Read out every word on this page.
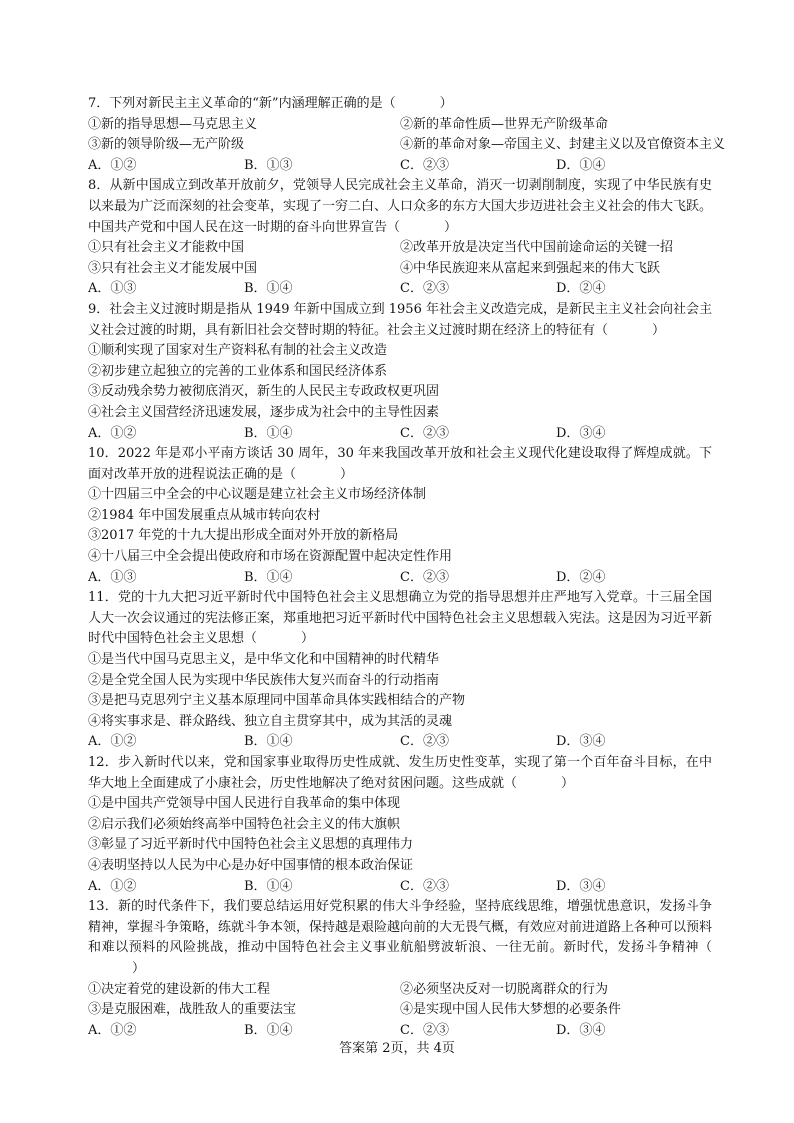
7．下列对新民主主义革命的“新”内涵理解正确的是（	）
①新的指导思想—马克思主义	②新的革命性质—世界无产阶级革命
③新的领导阶级—无产阶级	④新的革命对象—帝国主义、封建主义以及官僚资本主义
A．①②	B．①③	C．②③	D．①④
8．从新中国成立到改革开放前夕，党领导人民完成社会主义革命，消灭一切剥削制度，实现了中华民族有史以来最为广泛而深刻的社会变革，实现了一穷二白、人口众多的东方大国大步迈进社会主义社会的伟大飞跃。中国共产党和中国人民在这一时期的奋斗向世界宣告（	）
①只有社会主义才能救中国	②改革开放是决定当代中国前途命运的关键一招
③只有社会主义才能发展中国	④中华民族迎来从富起来到强起来的伟大飞跃
A．①③	B．①④	C．②③	D．②④
9．社会主义过渡时期是指从 1949 年新中国成立到 1956 年社会主义改造完成，是新民主主义社会向社会主义社会过渡的时期，具有新旧社会交替时期的特征。社会主义过渡时期在经济上的特征有（	）
①顺利实现了国家对生产资料私有制的社会主义改造
②初步建立起独立的完善的工业体系和国民经济体系
③反动残余势力被彻底消灭，新生的人民民主专政政权更巩固
④社会主义国营经济迅速发展，逐步成为社会中的主导性因素
A．①②	B．①④	C．②③	D．③④
10．2022 年是邓小平南方谈话 30 周年，30 年来我国改革开放和社会主义现代化建设取得了辉煌成就。下面对改革开放的进程说法正确的是（	）
①十四届三中全会的中心议题是建立社会主义市场经济体制
②1984 年中国发展重点从城市转向农村
③2017 年党的十九大提出形成全面对外开放的新格局
④十八届三中全会提出使政府和市场在资源配置中起决定性作用
A．①③	B．①④	C．②③	D．②④
11．党的十九大把习近平新时代中国特色社会主义思想确立为党的指导思想并庄严地写入党章。十三届全国人大一次会议通过的宪法修正案，郑重地把习近平新时代中国特色社会主义思想载入宪法。这是因为习近平新时代中国特色社会主义思想（	）
①是当代中国马克思主义，是中华文化和中国精神的时代精华
②是全党全国人民为实现中华民族伟大复兴而奋斗的行动指南
③是把马克思列宁主义基本原理同中国革命具体实践相结合的产物
④将实事求是、群众路线、独立自主贯穿其中，成为其活的灵魂
A．①②	B．①④	C．②③	D．③④
12．步入新时代以来，党和国家事业取得历史性成就、发生历史性变革，实现了第一个百年奋斗目标，在中华大地上全面建成了小康社会，历史性地解决了绝对贫困问题。这些成就（	）
①是中国共产党领导中国人民进行自我革命的集中体现
②启示我们必须始终高举中国特色社会主义的伟大旗帜
③彰显了习近平新时代中国特色社会主义思想的真理伟力
④表明坚持以人民为中心是办好中国事情的根本政治保证
A．①②	B．①④	C．②③	D．③④
13．新的时代条件下，我们要总结运用好党积累的伟大斗争经验，坚持底线思维，增强忧患意识，发扬斗争精神，掌握斗争策略，练就斗争本领，保持越是艰险越向前的大无畏气概，有效应对前进道路上各种可以预料和难以预料的风险挑战，推动中国特色社会主义事业航船劈波斩浪、一往无前。新时代，发扬斗争精神（）
①决定着党的建设新的伟大工程	②必须坚决反对一切脱离群众的行为
③是克服困难，战胜敌人的重要法宝	④是实现中国人民伟大梦想的必要条件
A．①②	B．①④	C．②③	D．③④
答案第 2页，共 4页
